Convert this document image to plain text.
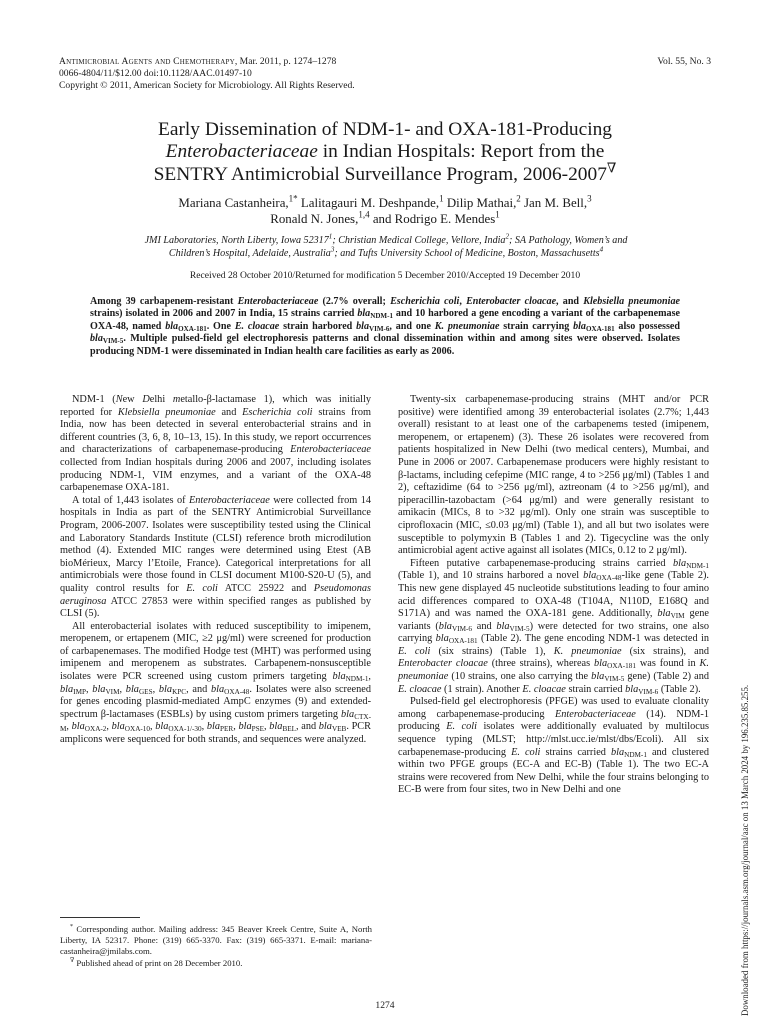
Antimicrobial Agents and Chemotherapy, Mar. 2011, p. 1274–1278
0066-4804/11/$12.00 doi:10.1128/AAC.01497-10
Copyright © 2011, American Society for Microbiology. All Rights Reserved.
Vol. 55, No. 3
Early Dissemination of NDM-1- and OXA-181-Producing
Enterobacteriaceae in Indian Hospitals: Report from the
SENTRY Antimicrobial Surveillance Program, 2006-2007∇
Mariana Castanheira,$^{1*}$ Lalitagauri M. Deshpande,$^1$ Dilip Mathai,$^2$ Jan M. Bell,$^3$
Ronald N. Jones,$^{1,4}$ and Rodrigo E. Mendes$^1$
JMI Laboratories, North Liberty, Iowa 52317$^1$; Christian Medical College, Vellore, India$^2$; SA Pathology, Women’s and
Children’s Hospital, Adelaide, Australia$^3$; and Tufts University School of Medicine, Boston, Massachusetts$^4$
Received 28 October 2010/Returned for modification 5 December 2010/Accepted 19 December 2010
Among 39 carbapenem-resistant Enterobacteriaceae (2.7% overall; Escherichia coli, Enterobacter cloacae, and Klebsiella pneumoniae strains) isolated in 2006 and 2007 in India, 15 strains carried bla$_{NDM-1}$ and 10 harbored a gene encoding a variant of the carbapenemase OXA-48, named bla$_{OXA-181}$. One E. cloacae strain harbored bla$_{VIM-6}$, and one K. pneumoniae strain carrying bla$_{OXA-181}$ also possessed bla$_{VIM-5}$. Multiple pulsed-field gel electrophoresis patterns and clonal dissemination within and among sites were observed. Isolates producing NDM-1 were disseminated in Indian health care facilities as early as 2006.

NDM-1 (New Delhi metallo-β-lactamase 1), which was initially reported for Klebsiella pneumoniae and Escherichia coli strains from India, now has been detected in several enterobacterial strains and in different countries (3, 6, 8, 10–13, 15). In this study, we report occurrences and characterizations of carbapenemase-producing Enterobacteriaceae collected from Indian hospitals during 2006 and 2007, including isolates producing NDM-1, VIM enzymes, and a variant of the OXA-48 carbapenemase OXA-181.

A total of 1,443 isolates of Enterobacteriaceae were collected from 14 hospitals in India as part of the SENTRY Antimicrobial Surveillance Program, 2006-2007. Isolates were susceptibility tested using the Clinical and Laboratory Standards Institute (CLSI) reference broth microdilution method (4). Extended MIC ranges were determined using Etest (AB bioMérieux, Marcy l’Etoile, France). Categorical interpretations for all antimicrobials were those found in CLSI document M100-S20-U (5), and quality control results for E. coli ATCC 25922 and Pseudomonas aeruginosa ATCC 27853 were within specified ranges as published by CLSI (5).

All enterobacterial isolates with reduced susceptibility to imipenem, meropenem, or ertapenem (MIC, ≥2 μg/ml) were screened for production of carbapenemases. The modified Hodge test (MHT) was performed using imipenem and meropenem as substrates. Carbapenem-nonsusceptible isolates were PCR screened using custom primers targeting bla$_{NDM-1}$, bla$_{IMP}$, bla$_{VIM}$, bla$_{GES}$, bla$_{KPC}$, and bla$_{OXA-48}$. Isolates were also screened for genes encoding plasmid-mediated AmpC enzymes (9) and extended-spectrum β-lactamases (ESBLs) by using custom primers targeting bla$_{CTX-M}$, bla$_{OXA-2}$, bla$_{OXA-10}$, bla$_{OXA-1/-30}$, bla$_{PER}$, bla$_{PSE}$, bla$_{BEL}$, and bla$_{VEB}$. PCR amplicons were sequenced for both strands, and sequences were analyzed.

Twenty-six carbapenemase-producing strains (MHT and/or PCR positive) were identified among 39 enterobacterial isolates (2.7%; 1,443 overall) resistant to at least one of the carbapenems tested (imipenem, meropenem, or ertapenem) (3). These 26 isolates were recovered from patients hospitalized in New Delhi (two medical centers), Mumbai, and Pune in 2006 or 2007. Carbapenemase producers were highly resistant to β-lactams, including cefepime (MIC range, 4 to >256 μg/ml) (Tables 1 and 2), ceftazidime (64 to >256 μg/ml), aztreonam (4 to >256 μg/ml), and piperacillin-tazobactam (>64 μg/ml) and were generally resistant to amikacin (MICs, 8 to >32 μg/ml). Only one strain was susceptible to ciprofloxacin (MIC, ≤0.03 μg/ml) (Table 1), and all but two isolates were susceptible to polymyxin B (Tables 1 and 2). Tigecycline was the only antimicrobial agent active against all isolates (MICs, 0.12 to 2 μg/ml).

Fifteen putative carbapenemase-producing strains carried bla$_{NDM-1}$ (Table 1), and 10 strains harbored a novel bla$_{OXA-48}$-like gene (Table 2). This new gene displayed 45 nucleotide substitutions leading to four amino acid differences compared to OXA-48 (T104A, N110D, E168Q and S171A) and was named the OXA-181 gene. Additionally, bla$_{VIM}$ gene variants (bla$_{VIM-6}$ and bla$_{VIM-5}$) were detected for two strains, one also carrying bla$_{OXA-181}$ (Table 2). The gene encoding NDM-1 was detected in E. coli (six strains) (Table 1), K. pneumoniae (six strains), and Enterobacter cloacae (three strains), whereas bla$_{OXA-181}$ was found in K. pneumoniae (10 strains, one also carrying the bla$_{VIM-5}$ gene) (Table 2) and E. cloacae (1 strain). Another E. cloacae strain carried bla$_{VIM-6}$ (Table 2).

Pulsed-field gel electrophoresis (PFGE) was used to evaluate clonality among carbapenemase-producing Enterobacteriaceae (14). NDM-1 producing E. coli isolates were additionally evaluated by multilocus sequence typing (MLST; http://mlst.ucc.ie/mlst/dbs/Ecoli). All six carbapenemase-producing E. coli strains carried bla$_{NDM-1}$ and clustered within two PFGE groups (EC-A and EC-B) (Table 1). The two EC-A strains were recovered from New Delhi, while the four strains belonging to EC-B were from four sites, two in New Delhi and one

* Corresponding author. Mailing address: 345 Beaver Kreek Centre, Suite A, North Liberty, IA 52317. Phone: (319) 665-3370. Fax: (319) 665-3371. E-mail: mariana-castanheira@jmilabs.com.

∇ Published ahead of print on 28 December 2010.

1274	Downloaded from https://journals.asm.org/journal/aac on 13 March 2024 by 196.235.85.255.
